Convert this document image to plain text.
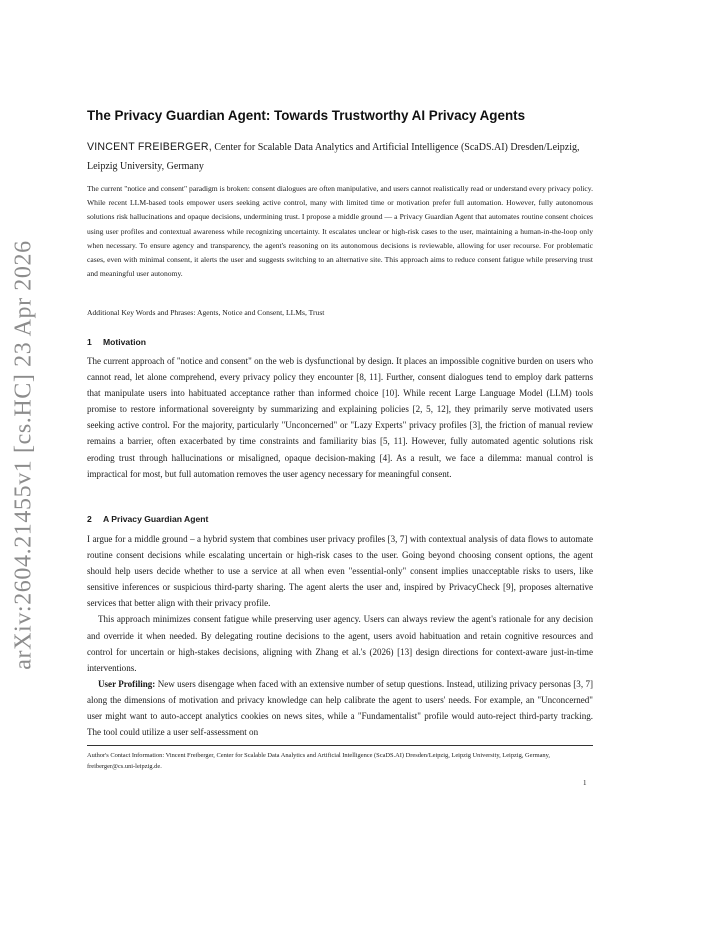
arXiv:2604.21455v1 [cs.HC] 23 Apr 2026
The Privacy Guardian Agent: Towards Trustworthy AI Privacy Agents
VINCENT FREIBERGER, Center for Scalable Data Analytics and Artificial Intelligence (ScaDS.AI) Dresden/Leipzig, Leipzig University, Germany
The current "notice and consent" paradigm is broken: consent dialogues are often manipulative, and users cannot realistically read or understand every privacy policy. While recent LLM-based tools empower users seeking active control, many with limited time or motivation prefer full automation. However, fully autonomous solutions risk hallucinations and opaque decisions, undermining trust. I propose a middle ground — a Privacy Guardian Agent that automates routine consent choices using user profiles and contextual awareness while recognizing uncertainty. It escalates unclear or high-risk cases to the user, maintaining a human-in-the-loop only when necessary. To ensure agency and transparency, the agent's reasoning on its autonomous decisions is reviewable, allowing for user recourse. For problematic cases, even with minimal consent, it alerts the user and suggests switching to an alternative site. This approach aims to reduce consent fatigue while preserving trust and meaningful user autonomy.
Additional Key Words and Phrases: Agents, Notice and Consent, LLMs, Trust
1 Motivation

The current approach of "notice and consent" on the web is dysfunctional by design. It places an impossible cognitive burden on users who cannot read, let alone comprehend, every privacy policy they encounter [8, 11]. Further, consent dialogues tend to employ dark patterns that manipulate users into habituated acceptance rather than informed choice [10]. While recent Large Language Model (LLM) tools promise to restore informational sovereignty by summarizing and explaining policies [2, 5, 12], they primarily serve motivated users seeking active control. For the majority, particularly "Unconcerned" or "Lazy Experts" privacy profiles [3], the friction of manual review remains a barrier, often exacerbated by time constraints and familiarity bias [5, 11]. However, fully automated agentic solutions risk eroding trust through hallucinations or misaligned, opaque decision-making [4]. As a result, we face a dilemma: manual control is impractical for most, but full automation removes the user agency necessary for meaningful consent.

2 A Privacy Guardian Agent

I argue for a middle ground – a hybrid system that combines user privacy profiles [3, 7] with contextual analysis of data flows to automate routine consent decisions while escalating uncertain or high-risk cases to the user. Going beyond choosing consent options, the agent should help users decide whether to use a service at all when even "essential-only" consent implies unacceptable risks to users, like sensitive inferences or suspicious third-party sharing. The agent alerts the user and, inspired by PrivacyCheck [9], proposes alternative services that better align with their privacy profile.

This approach minimizes consent fatigue while preserving user agency. Users can always review the agent's rationale for any decision and override it when needed. By delegating routine decisions to the agent, users avoid habituation and retain cognitive resources and control for uncertain or high-stakes decisions, aligning with Zhang et al.'s (2026) [13] design directions for context-aware just-in-time interventions.

User Profiling: New users disengage when faced with an extensive number of setup questions. Instead, utilizing privacy personas [3, 7] along the dimensions of motivation and privacy knowledge can help calibrate the agent to users' needs. For example, an "Unconcerned" user might want to auto-accept analytics cookies on news sites, while a "Fundamentalist" profile would auto-reject third-party tracking. The tool could utilize a user self-assessment on

Author's Contact Information: Vincent Freiberger, Center for Scalable Data Analytics and Artificial Intelligence (ScaDS.AI) Dresden/Leipzig, Leipzig University, Leipzig, Germany, freiberger@cs.uni-leipzig.de.
1
